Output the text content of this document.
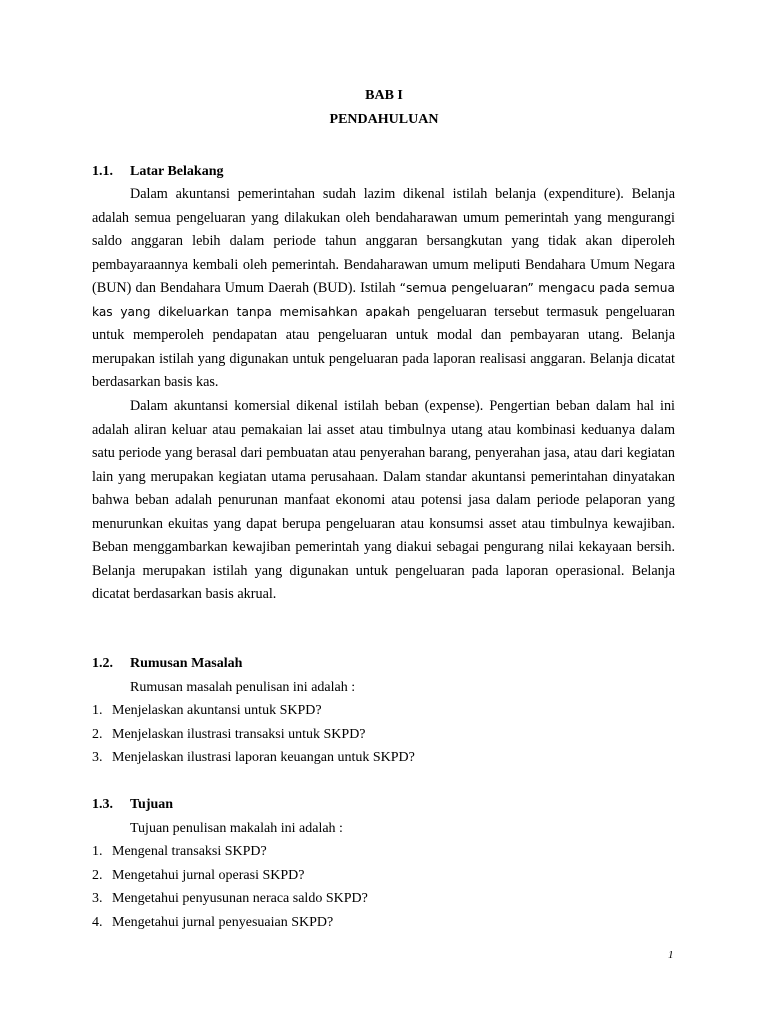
BAB I
PENDAHULUAN
1.1. Latar Belakang

Dalam akuntansi pemerintahan sudah lazim dikenal istilah belanja (expenditure). Belanja adalah semua pengeluaran yang dilakukan oleh bendaharawan umum pemerintah yang mengurangi saldo anggaran lebih dalam periode tahun anggaran bersangkutan yang tidak akan diperoleh pembayaraannya kembali oleh pemerintah. Bendaharawan umum meliputi Bendahara Umum Negara (BUN) dan Bendahara Umum Daerah (BUD). Istilah “semua pengeluaran” mengacu pada semua kas yang dikeluarkan tanpa memisahkan apakah pengeluaran tersebut termasuk pengeluaran untuk memperoleh pendapatan atau pengeluaran untuk modal dan pembayaran utang. Belanja merupakan istilah yang digunakan untuk pengeluaran pada laporan realisasi anggaran. Belanja dicatat berdasarkan basis kas.

Dalam akuntansi komersial dikenal istilah beban (expense). Pengertian beban dalam hal ini adalah aliran keluar atau pemakaian lai asset atau timbulnya utang atau kombinasi keduanya dalam satu periode yang berasal dari pembuatan atau penyerahan barang, penyerahan jasa, atau dari kegiatan lain yang merupakan kegiatan utama perusahaan. Dalam standar akuntansi pemerintahan dinyatakan bahwa beban adalah penurunan manfaat ekonomi atau potensi jasa dalam periode pelaporan yang menurunkan ekuitas yang dapat berupa pengeluaran atau konsumsi asset atau timbulnya kewajiban. Beban menggambarkan kewajiban pemerintah yang diakui sebagai pengurang nilai kekayaan bersih. Belanja merupakan istilah yang digunakan untuk pengeluaran pada laporan operasional. Belanja dicatat berdasarkan basis akrual.

1.2. Rumusan Masalah
Rumusan masalah penulisan ini adalah :
1. Menjelaskan akuntansi untuk SKPD?
2. Menjelaskan ilustrasi transaksi untuk SKPD?
3. Menjelaskan ilustrasi laporan keuangan untuk SKPD?
1.3. Tujuan
Tujuan penulisan makalah ini adalah :
1. Mengenal transaksi SKPD?
2. Mengetahui jurnal operasi SKPD?
3. Mengetahui penyusunan neraca saldo SKPD?
4. Mengetahui jurnal penyesuaian SKPD?
1
